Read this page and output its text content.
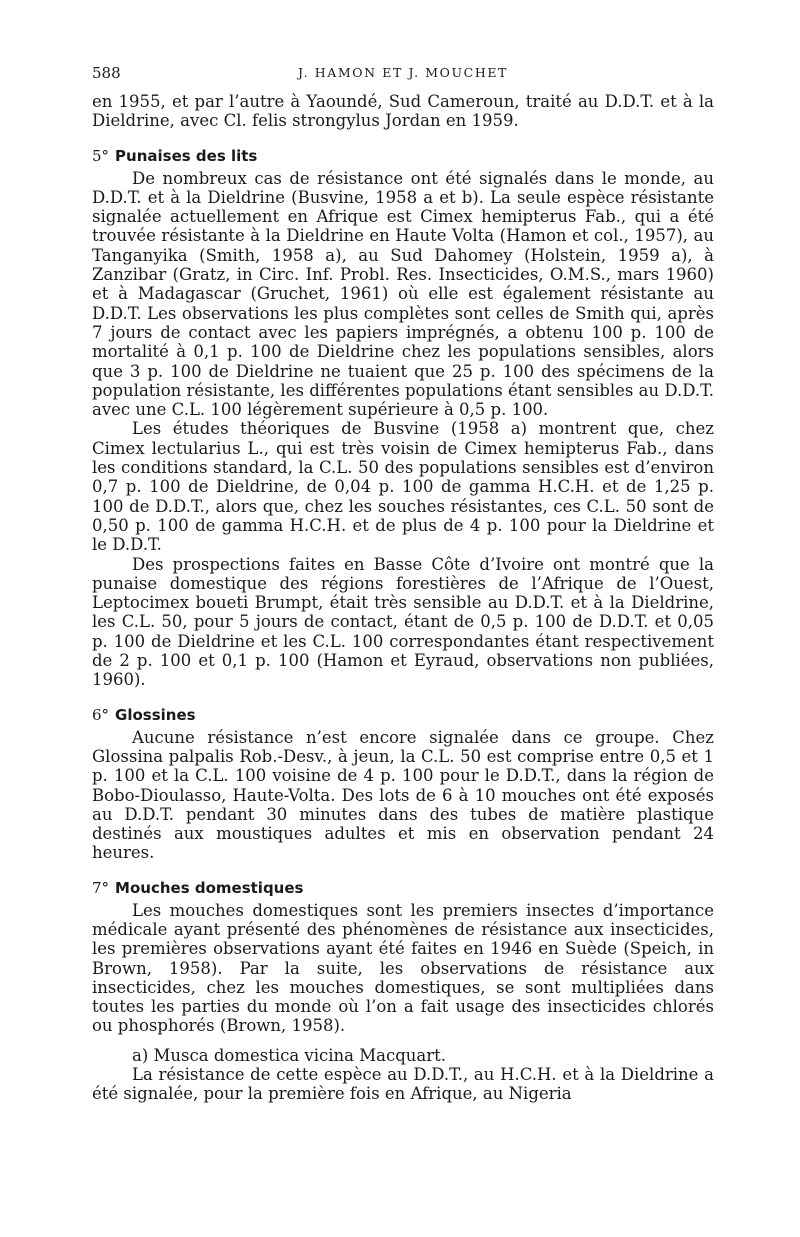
588	J. HAMON ET J. MOUCHET

en 1955, et par l’autre à Yaoundé, Sud Cameroun, traité au D.D.T. et à la Dieldrine, avec Cl. felis strongylus Jordan en 1959.

5° Punaises des lits

De nombreux cas de résistance ont été signalés dans le monde, au D.D.T. et à la Dieldrine (Busvine, 1958 a et b). La seule espèce résistante signalée actuellement en Afrique est Cimex hemipterus Fab., qui a été trouvée résistante à la Dieldrine en Haute Volta (Hamon et col., 1957), au Tanganyika (Smith, 1958 a), au Sud Dahomey (Holstein, 1959 a), à Zanzibar (Gratz, in Circ. Inf. Probl. Res. Insecticides, O.M.S., mars 1960) et à Madagascar (Gruchet, 1961) où elle est également résistante au D.D.T. Les observations les plus complètes sont celles de Smith qui, après 7 jours de contact avec les papiers imprégnés, a obtenu 100 p. 100 de mortalité à 0,1 p. 100 de Dieldrine chez les populations sensibles, alors que 3 p. 100 de Dieldrine ne tuaient que 25 p. 100 des spécimens de la population résistante, les différentes populations étant sensibles au D.D.T. avec une C.L. 100 légèrement supérieure à 0,5 p. 100.

Les études théoriques de Busvine (1958 a) montrent que, chez Cimex lectularius L., qui est très voisin de Cimex hemipterus Fab., dans les conditions standard, la C.L. 50 des populations sensibles est d’environ 0,7 p. 100 de Dieldrine, de 0,04 p. 100 de gamma H.C.H. et de 1,25 p. 100 de D.D.T., alors que, chez les souches résistantes, ces C.L. 50 sont de 0,50 p. 100 de gamma H.C.H. et de plus de 4 p. 100 pour la Dieldrine et le D.D.T.

Des prospections faites en Basse Côte d’Ivoire ont montré que la punaise domestique des régions forestières de l’Afrique de l’Ouest, Leptocimex boueti Brumpt, était très sensible au D.D.T. et à la Dieldrine, les C.L. 50, pour 5 jours de contact, étant de 0,5 p. 100 de D.D.T. et 0,05 p. 100 de Dieldrine et les C.L. 100 correspondantes étant respectivement de 2 p. 100 et 0,1 p. 100 (Hamon et Eyraud, observations non publiées, 1960).

6° Glossines

Aucune résistance n’est encore signalée dans ce groupe. Chez Glossina palpalis Rob.-Desv., à jeun, la C.L. 50 est comprise entre 0,5 et 1 p. 100 et la C.L. 100 voisine de 4 p. 100 pour le D.D.T., dans la région de Bobo-Dioulasso, Haute-Volta. Des lots de 6 à 10 mouches ont été exposés au D.D.T. pendant 30 minutes dans des tubes de matière plastique destinés aux moustiques adultes et mis en observation pendant 24 heures.

7° Mouches domestiques

Les mouches domestiques sont les premiers insectes d’importance médicale ayant présenté des phénomènes de résistance aux insecticides, les premières observations ayant été faites en 1946 en Suède (Speich, in Brown, 1958). Par la suite, les observations de résistance aux insecticides, chez les mouches domestiques, se sont multipliées dans toutes les parties du monde où l’on a fait usage des insecticides chlorés ou phosphorés (Brown, 1958).

a) Musca domestica vicina Macquart.

La résistance de cette espèce au D.D.T., au H.C.H. et à la Dieldrine a été signalée, pour la première fois en Afrique, au Nigeria
